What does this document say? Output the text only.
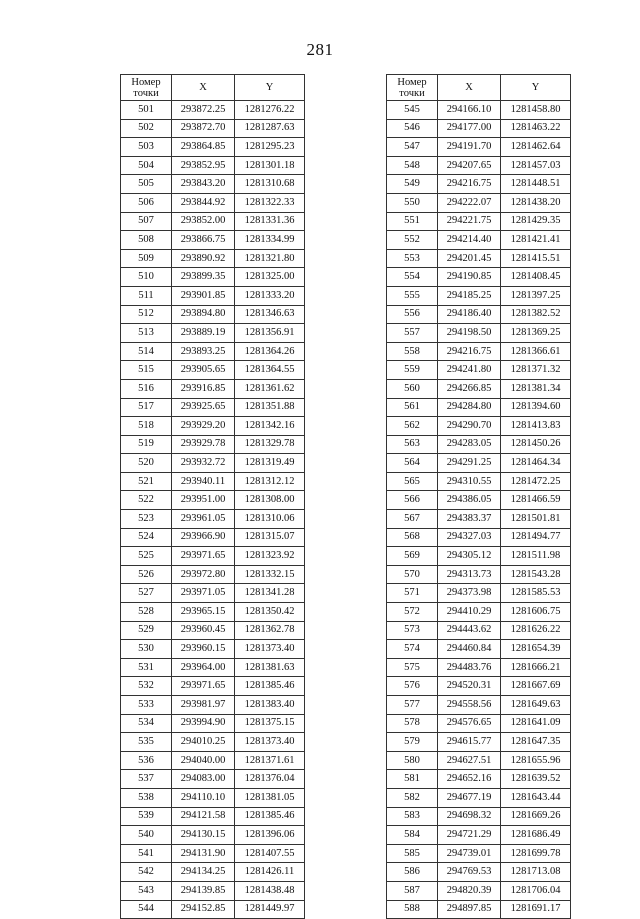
281
Номер
точки	X	Y
501	293872.25	1281276.22
502	293872.70	1281287.63
503	293864.85	1281295.23
504	293852.95	1281301.18
505	293843.20	1281310.68
506	293844.92	1281322.33
507	293852.00	1281331.36
508	293866.75	1281334.99
509	293890.92	1281321.80
510	293899.35	1281325.00
511	293901.85	1281333.20
512	293894.80	1281346.63
513	293889.19	1281356.91
514	293893.25	1281364.26
515	293905.65	1281364.55
516	293916.85	1281361.62
517	293925.65	1281351.88
518	293929.20	1281342.16
519	293929.78	1281329.78
520	293932.72	1281319.49
521	293940.11	1281312.12
522	293951.00	1281308.00
523	293961.05	1281310.06
524	293966.90	1281315.07
525	293971.65	1281323.92
526	293972.80	1281332.15
527	293971.05	1281341.28
528	293965.15	1281350.42
529	293960.45	1281362.78
530	293960.15	1281373.40
531	293964.00	1281381.63
532	293971.65	1281385.46
533	293981.97	1281383.40
534	293994.90	1281375.15
535	294010.25	1281373.40
536	294040.00	1281371.61
537	294083.00	1281376.04
538	294110.10	1281381.05
539	294121.58	1281385.46
540	294130.15	1281396.06
541	294131.90	1281407.55
542	294134.25	1281426.11
543	294139.85	1281438.48
544	294152.85	1281449.97
Номер
точки	X	Y
545	294166.10	1281458.80
546	294177.00	1281463.22
547	294191.70	1281462.64
548	294207.65	1281457.03
549	294216.75	1281448.51
550	294222.07	1281438.20
551	294221.75	1281429.35
552	294214.40	1281421.41
553	294201.45	1281415.51
554	294190.85	1281408.45
555	294185.25	1281397.25
556	294186.40	1281382.52
557	294198.50	1281369.25
558	294216.75	1281366.61
559	294241.80	1281371.32
560	294266.85	1281381.34
561	294284.80	1281394.60
562	294290.70	1281413.83
563	294283.05	1281450.26
564	294291.25	1281464.34
565	294310.55	1281472.25
566	294386.05	1281466.59
567	294383.37	1281501.81
568	294327.03	1281494.77
569	294305.12	1281511.98
570	294313.73	1281543.28
571	294373.98	1281585.53
572	294410.29	1281606.75
573	294443.62	1281626.22
574	294460.84	1281654.39
575	294483.76	1281666.21
576	294520.31	1281667.69
577	294558.56	1281649.63
578	294576.65	1281641.09
579	294615.77	1281647.35
580	294627.51	1281655.96
581	294652.16	1281639.52
582	294677.19	1281643.44
583	294698.32	1281669.26
584	294721.29	1281686.49
585	294739.01	1281699.78
586	294769.53	1281713.08
587	294820.39	1281706.04
588	294897.85	1281691.17
